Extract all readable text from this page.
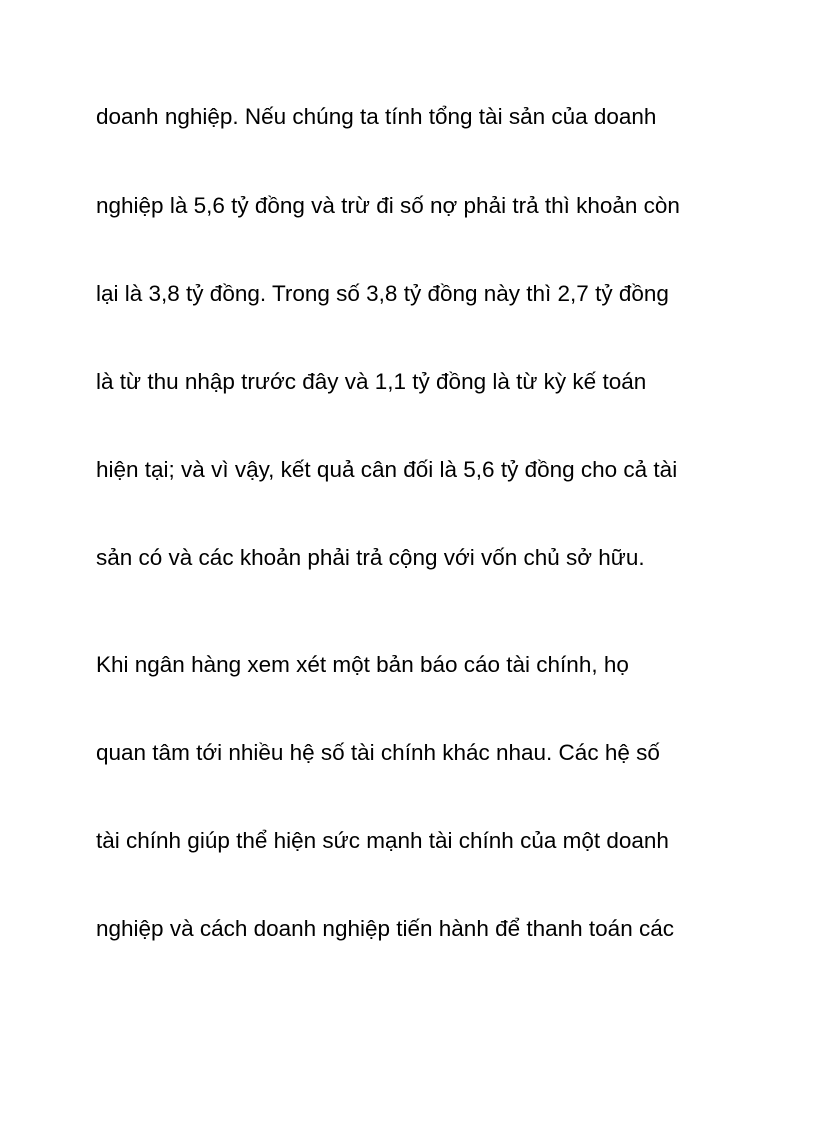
doanh nghiệp. Nếu chúng ta tính tổng tài sản của doanh

nghiệp là 5,6 tỷ đồng và trừ đi số nợ phải trả thì khoản còn

lại là 3,8 tỷ đồng. Trong số 3,8 tỷ đồng này thì 2,7 tỷ đồng

là từ thu nhập trước đây và 1,1 tỷ đồng là từ kỳ kế toán

hiện tại; và vì vậy, kết quả cân đối là 5,6 tỷ đồng cho cả tài

sản có và các khoản phải trả cộng với vốn chủ sở hữu.

Khi ngân hàng xem xét một bản báo cáo tài chính, họ

quan tâm tới nhiều hệ số tài chính khác nhau. Các hệ số

tài chính giúp thể hiện sức mạnh tài chính của một doanh

nghiệp và cách doanh nghiệp tiến hành để thanh toán các
